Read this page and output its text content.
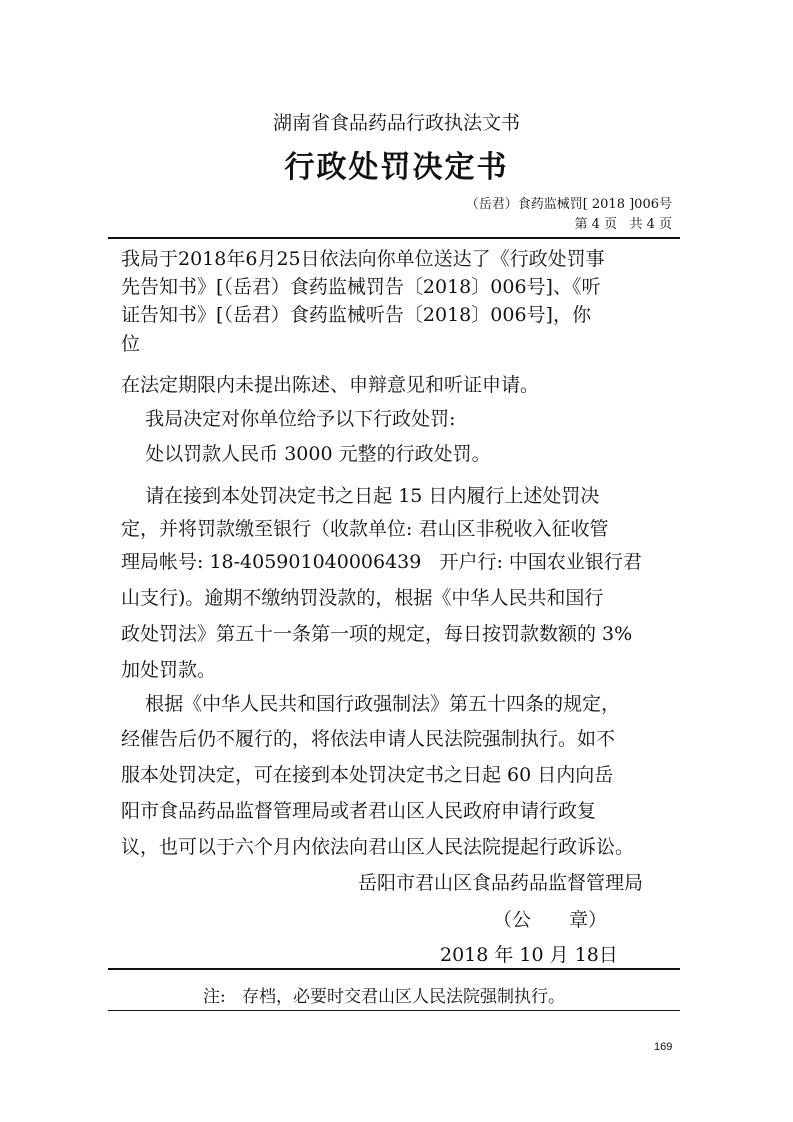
湖南省食品药品行政执法文书
行政处罚决定书
（岳君）食药监械罚[ 2018 ]006号
第 4 页   共 4 页
我局于2018年6月25日依法向你单位送达了《行政处罚事
先告知书》[（岳君）食药监械罚告〔2018〕006号]、《听
证告知书》[（岳君）食药监械听告〔2018〕006号]，你
位
在法定期限内未提出陈述、申辩意见和听证申请。
我局决定对你单位给予以下行政处罚:
处以罚款人民币 3000 元整的行政处罚。
请在接到本处罚决定书之日起 15 日内履行上述处罚决
定，并将罚款缴至银行（收款单位: 君山区非税收入征收管
理局帐号: 18-405901040006439   开户行: 中国农业银行君
山支行)。逾期不缴纳罚没款的，根据《中华人民共和国行
政处罚法》第五十一条第一项的规定，每日按罚款数额的 3%
加处罚款。
根据《中华人民共和国行政强制法》第五十四条的规定，
经催告后仍不履行的，将依法申请人民法院强制执行。如不
服本处罚决定，可在接到本处罚决定书之日起 60 日内向岳
阳市食品药品监督管理局或者君山区人民政府申请行政复
议，也可以于六个月内依法向君山区人民法院提起行政诉讼。
岳阳市君山区食品药品监督管理局
（公　　章）
2018 年 10 月 18日
注:   存档，必要时交君山区人民法院强制执行。
169
